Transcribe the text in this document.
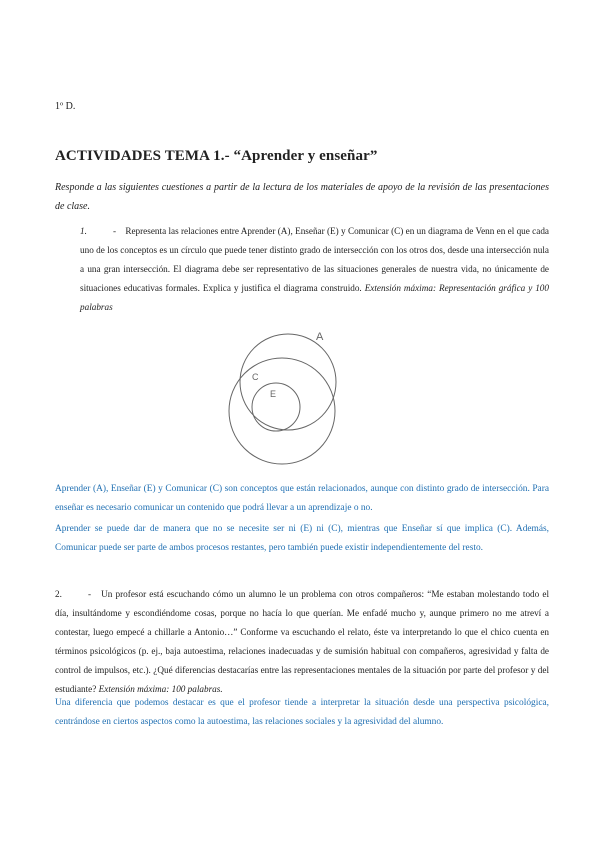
1º D.
ACTIVIDADES TEMA 1.- “Aprender y enseñar”
Responde a las siguientes cuestiones a partir de la lectura de los materiales de apoyo de la revisión de las presentaciones de clase.
1.	- Representa las relaciones entre Aprender (A), Enseñar (E) y Comunicar (C) en un diagrama de Venn en el que cada uno de los conceptos es un círculo que puede tener distinto grado de intersección con los otros dos, desde una intersección nula a una gran intersección. El diagrama debe ser representativo de las situaciones generales de nuestra vida, no únicamente de situaciones educativas formales. Explica y justifica el diagrama construido. Extensión máxima: Representación gráfica y 100 palabras
A
C
E
Aprender (A), Enseñar (E) y Comunicar (C) son conceptos que están relacionados, aunque con distinto grado de intersección. Para enseñar es necesario comunicar un contenido que podrá llevar a un aprendizaje o no.
Aprender se puede dar de manera que no se necesite ser ni (E) ni (C), mientras que Enseñar sí que implica (C). Además, Comunicar puede ser parte de ambos procesos restantes, pero también puede existir independientemente del resto.
2.	- Un profesor está escuchando cómo un alumno le un problema con otros compañeros: “Me estaban molestando todo el día, insultándome y escondiéndome cosas, porque no hacía lo que querían. Me enfadé mucho y, aunque primero no me atreví a contestar, luego empecé a chillarle a Antonio…” Conforme va escuchando el relato, éste va interpretando lo que el chico cuenta en términos psicológicos (p. ej., baja autoestima, relaciones inadecuadas y de sumisión habitual con compañeros, agresividad y falta de control de impulsos, etc.). ¿Qué diferencias destacarías entre las representaciones mentales de la situación por parte del profesor y del estudiante? Extensión máxima: 100 palabras.
Una diferencia que podemos destacar es que el profesor tiende a interpretar la situación desde una perspectiva psicológica, centrándose en ciertos aspectos como la autoestima, las relaciones sociales y la agresividad del alumno.
